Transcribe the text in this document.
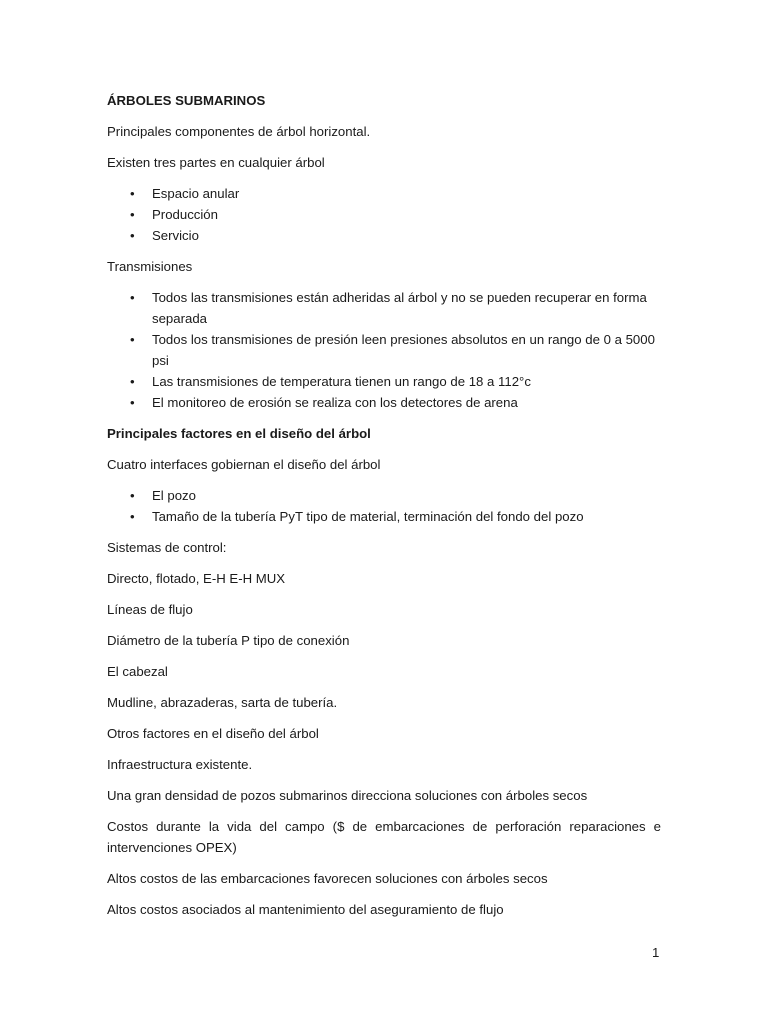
ÁRBOLES SUBMARINOS

Principales componentes de árbol horizontal.

Existen tres partes en cualquier árbol

• Espacio anular
• Producción
• Servicio

Transmisiones

• Todos las transmisiones están adheridas al árbol y no se pueden recuperar en forma separada
• Todos los transmisiones de presión leen presiones absolutos en un rango de 0 a 5000 psi
• Las transmisiones de temperatura tienen un rango de 18 a 112°c
• El monitoreo de erosión se realiza con los detectores de arena

Principales factores en el diseño del árbol

Cuatro interfaces gobiernan el diseño del árbol

• El pozo
• Tamaño de la tubería PyT tipo de material, terminación del fondo del pozo

Sistemas de control:

Directo, flotado, E-H E-H MUX

Líneas de flujo

Diámetro de la tubería P tipo de conexión

El cabezal

Mudline, abrazaderas, sarta de tubería.

Otros factores en el diseño del árbol

Infraestructura existente.

Una gran densidad de pozos submarinos direcciona soluciones con árboles secos

Costos durante la vida del campo ($ de embarcaciones de perforación reparaciones e intervenciones OPEX)

Altos costos de las embarcaciones favorecen soluciones con árboles secos

Altos costos asociados al mantenimiento del aseguramiento de flujo

1
